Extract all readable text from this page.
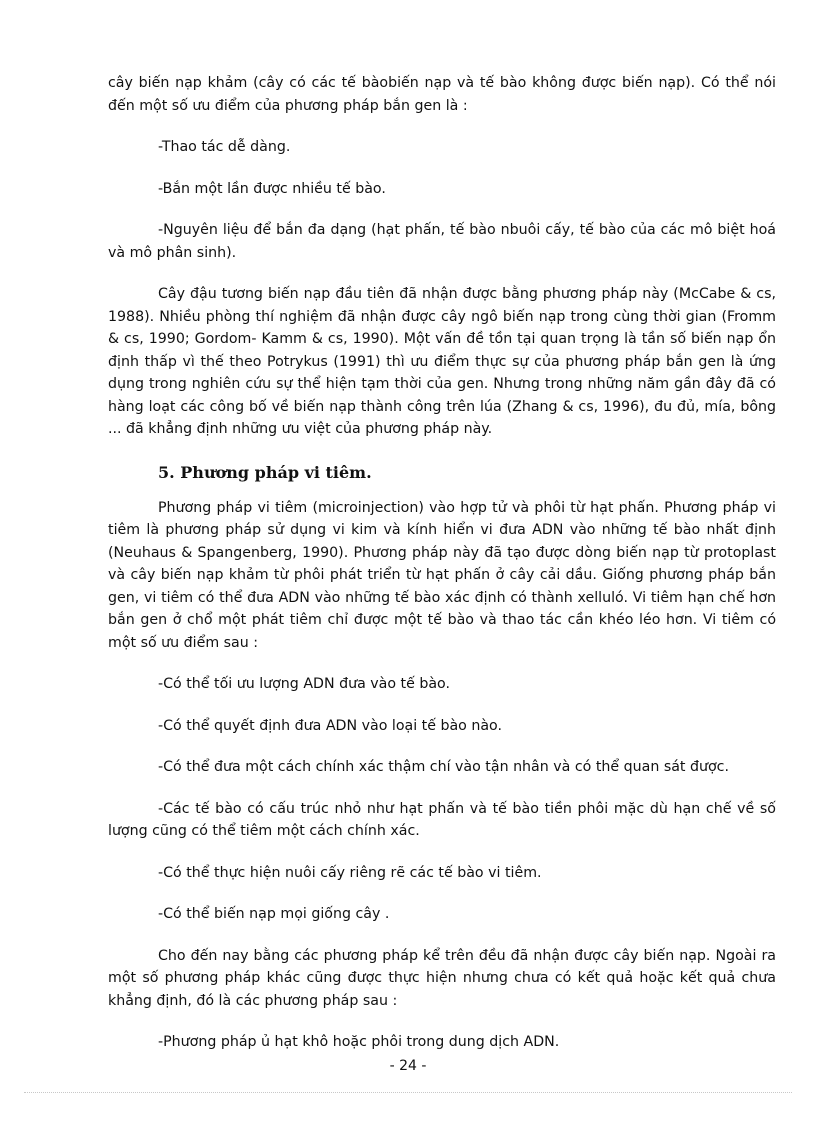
cây biến nạp khảm (cây có các tế bàobiến nạp và tế bào không được biến nạp). Có thể nói đến một số ưu điểm của phương pháp bắn gen là :

-Thao tác dễ dàng.

-Bắn một lần được nhiều tế bào.

-Nguyên liệu để bắn đa dạng (hạt phấn, tế bào nbuôi cấy, tế bào của các mô biệt hoá và mô phân sinh).

Cây đậu tương biến nạp đầu tiên đã nhận được bằng phương pháp này (McCabe & cs, 1988). Nhiều phòng thí nghiệm đã nhận được cây ngô biến nạp trong cùng thời gian (Fromm & cs, 1990; Gordom- Kamm & cs, 1990). Một vấn đề tồn tại quan trọng là tần số biến nạp ổn định thấp vì thế theo Potrykus (1991) thì ưu điểm thực sự của phương pháp bắn gen là ứng dụng trong nghiên cứu sự thể hiện tạm thời của gen. Nhưng trong những năm gần đây đã có hàng loạt các công bố về biến nạp thành công trên lúa (Zhang & cs, 1996), đu đủ, mía, bông ... đã khẳng định những ưu việt của phương pháp này.

5. Phương pháp vi tiêm.

Phương pháp vi tiêm (microinjection) vào hợp tử và phôi từ hạt phấn. Phương pháp vi tiêm là phương pháp sử dụng vi kim và kính hiển vi đưa ADN vào những tế bào nhất định (Neuhaus & Spangenberg, 1990). Phương pháp này đã tạo được dòng biến nạp từ protoplast và cây biến nạp khảm từ phôi phát triển từ hạt phấn ở cây cải dầu. Giống phương pháp bắn gen, vi tiêm có thể đưa ADN vào những tế bào xác định có thành xelluló. Vi tiêm hạn chế hơn bắn gen ở chổ một phát tiêm chỉ được một tế bào và thao tác cần khéo léo hơn. Vi tiêm có một số ưu điểm sau :

-Có thể tối ưu lượng ADN đưa vào tế bào.

-Có thể quyết định đưa ADN vào loại tế bào nào.

-Có thể đưa một cách chính xác thậm chí vào tận nhân và có thể quan sát được.

-Các tế bào có cấu trúc nhỏ như hạt phấn và tế bào tiền phôi mặc dù hạn chế về số lượng cũng có thể tiêm một cách chính xác.

-Có thể thực hiện nuôi cấy riêng rẽ các tế bào vi tiêm.

-Có thể biến nạp mọi giống cây .

Cho đến nay bằng các phương pháp kể trên đều đã nhận được cây biến nạp. Ngoài ra một số phương pháp khác cũng được thực hiện nhưng chưa có kết quả hoặc kết quả chưa khẳng định, đó là các phương pháp sau :

-Phương pháp ủ hạt khô hoặc phôi trong dung dịch ADN.

- 24 -
